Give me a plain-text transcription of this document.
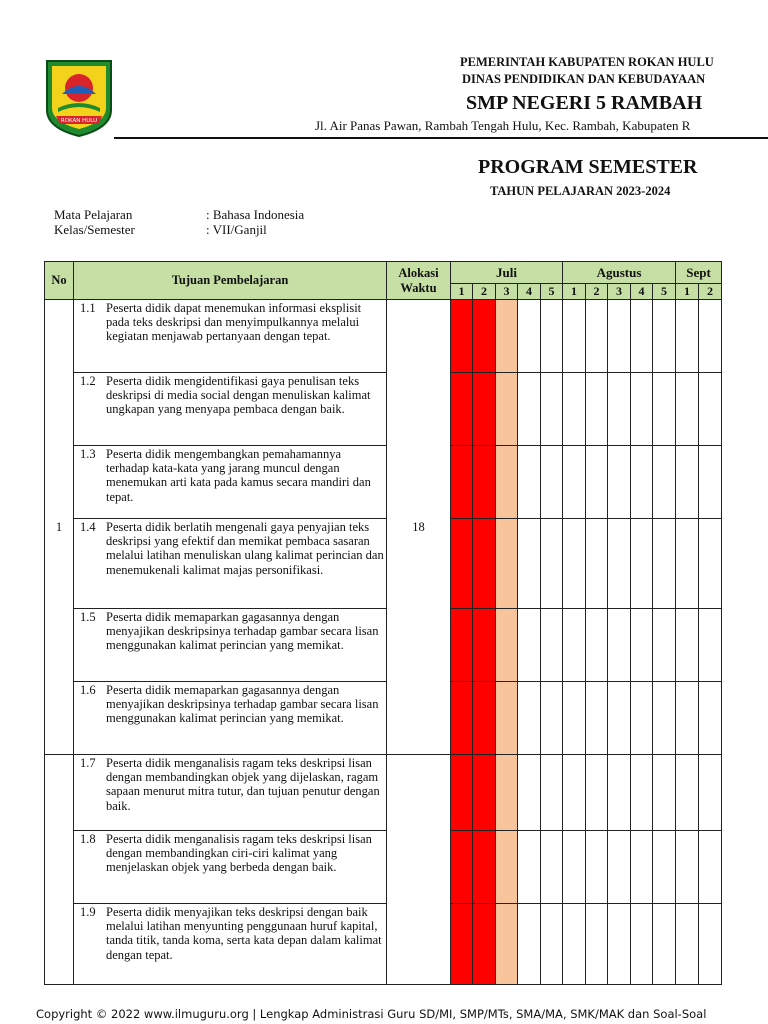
ROKAN HULU
PEMERINTAH KABUPATEN ROKAN HULU
DINAS PENDIDIKAN DAN KEBUDAYAAN
SMP NEGERI 5 RAMBAH
Jl. Air Panas Pawan, Rambah Tengah Hulu, Kec. Rambah, Kabupaten R
PROGRAM SEMESTER
TAHUN PELAJARAN 2023-2024
Mata Pelajaran	: Bahasa Indonesia
Kelas/Semester	: VII/Ganjil
No	Tujuan Pembelajaran	Alokasi
Waktu	Juli					Agustus					Sept	
			1	2	3	4	5	1	2	3	4	5	1	2
1	1.1 Peserta didik dapat menemukan informasi eksplisit pada teks deskripsi dan menyimpulkannya melalui kegiatan menjawab pertanyaan dengan tepat.	18												

	1.2 Peserta didik mengidentifikasi gaya penulisan teks deskripsi di media social dengan menuliskan kalimat ungkapan yang menyapa pembaca dengan baik.													

	1.3 Peserta didik mengembangkan pemahamannya terhadap kata-kata yang jarang muncul dengan menemukan arti kata pada kamus secara mandiri dan tepat.													

	1.4 Peserta didik berlatih mengenali gaya penyajian teks deskripsi yang efektif dan memikat pembaca sasaran melalui latihan menuliskan ulang kalimat perincian dan menemukenali kalimat majas personifikasi.													

	1.5 Peserta didik memaparkan gagasannya dengan menyajikan deskripsinya terhadap gambar secara lisan menggunakan kalimat perincian yang memikat.													

	1.6 Peserta didik memaparkan gagasannya dengan menyajikan deskripsinya terhadap gambar secara lisan menggunakan kalimat perincian yang memikat.													

	1.7 Peserta didik menganalisis ragam teks deskripsi lisan dengan membandingkan objek yang dijelaskan, ragam sapaan menurut mitra tutur, dan tujuan penutur dengan baik.													

	1.8 Peserta didik menganalisis ragam teks deskripsi lisan dengan membandingkan ciri-ciri kalimat yang menjelaskan objek yang berbeda dengan baik.													

	1.9 Peserta didik menyajikan teks deskripsi dengan baik melalui latihan menyunting penggunaan huruf kapital, tanda titik, tanda koma, serta kata depan dalam kalimat dengan tepat.													

Copyright © 2022 www.ilmuguru.org | Lengkap Administrasi Guru SD/MI, SMP/MTs, SMA/MA, SMK/MAK dan Soal-Soal
